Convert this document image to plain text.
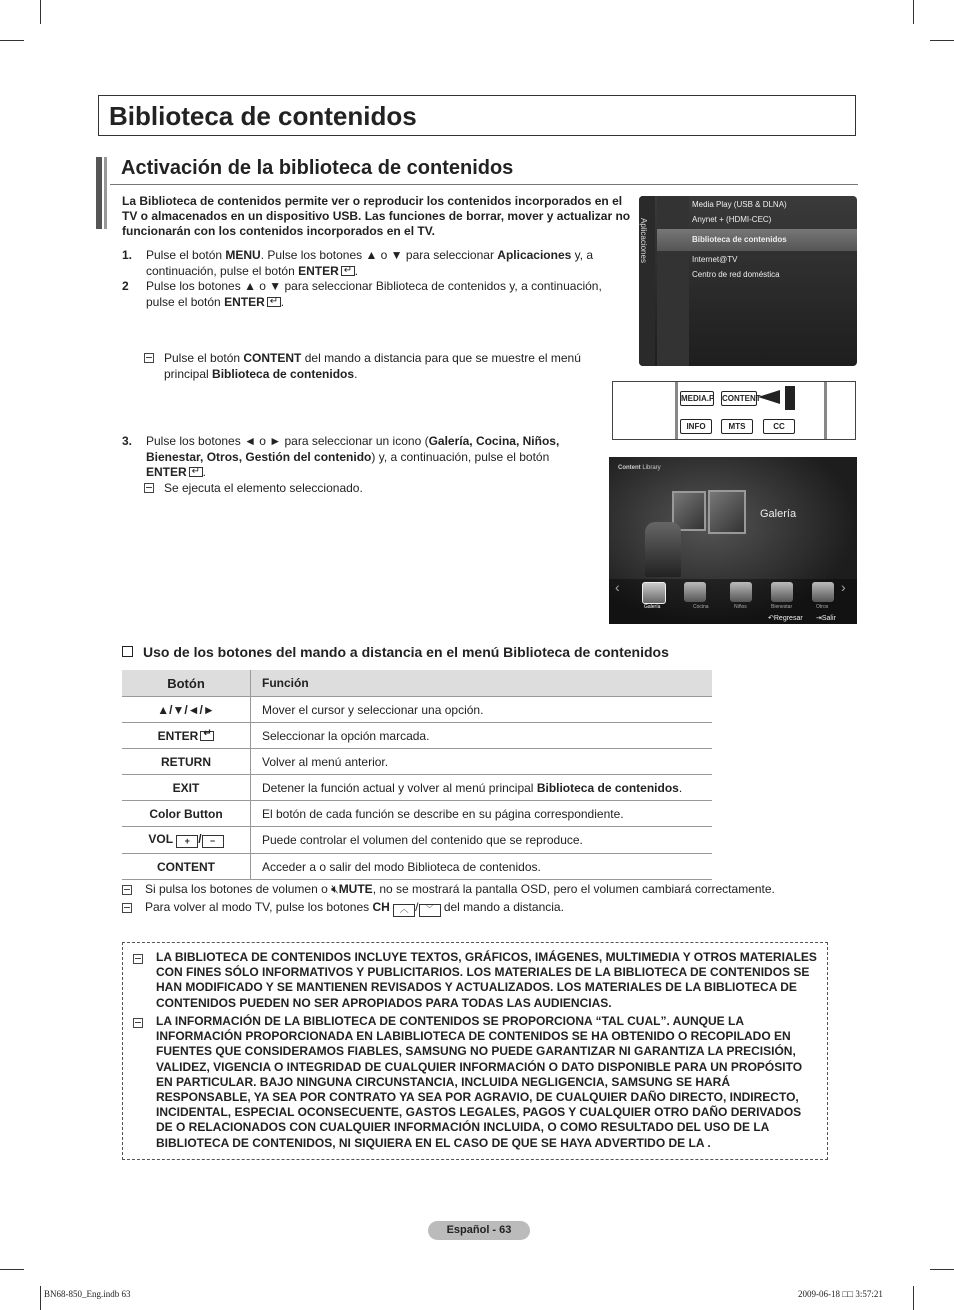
Biblioteca de contenidos
Activación de la biblioteca de contenidos
La Biblioteca de contenidos permite ver o reproducir los contenidos incorporados en el TV o almacenados en un dispositivo USB. Las funciones de borrar, mover y actualizar no funcionarán con los contenidos incorporados en el TV.
1. Pulse el botón MENU. Pulse los botones ▲ o ▼ para seleccionar Aplicaciones y, a
continuación, pulse el botón ENTER ↵ .
2 Pulse los botones ▲ o ▼ para seleccionar Biblioteca de contenidos y, a continuación,
pulse el botón ENTER ↵ .
Pulse el botón CONTENT del mando a distancia para que se muestre el menú
principal Biblioteca de contenidos.
3. Pulse los botones ◄ o ► para seleccionar un icono (Galería, Cocina, Niños,
Bienestar, Otros, Gestión del contenido) y, a continuación, pulse el botón
ENTER ↵ .
Se ejecuta el elemento seleccionado.
Aplicaciones
Media Play (USB & DLNA)
Anynet + (HDMI-CEC)
Biblioteca de contenidos
Internet@TV
Centro de red doméstica
MEDIA.P CONTENT
INFO	MTS	CC
Content Library
Galería
‹	›
Galería	Cocina	Niños	Bienestar	Otros
↶Regresar ⇥Salir
Uso de los botones del mando a distancia en el menú Biblioteca de contenidos
Botón	Función
▲/▼/◄/►	Mover el cursor y seleccionar una opción.
ENTER↵	Seleccionar la opción marcada.
RETURN	Volver al menú anterior.
EXIT	Detener la función actual y volver al menú principal Biblioteca de contenidos.
Color Button	El botón de cada función se describe en su página correspondiente.
VOL + / −	Puede controlar el volumen del contenido que se reproduce.
CONTENT	Acceder a o salir del modo Biblioteca de contenidos.
Si pulsa los botones de volumen o 🔇︎MUTE, no se mostrará la pantalla OSD, pero el volumen cambiará correctamente.
Para volver al modo TV, pulse los botones CH ︿ / ﹀ del mando a distancia.
LA BIBLIOTECA DE CONTENIDOS INCLUYE TEXTOS, GRÁFICOS, IMÁGENES, MULTIMEDIA Y OTROS MATERIALES CON FINES SÓLO INFORMATIVOS Y PUBLICITARIOS. LOS MATERIALES DE LA BIBLIOTECA DE CONTENIDOS SE HAN MODIFICADO Y SE MANTIENEN REVISADOS Y ACTUALIZADOS. LOS MATERIALES DE LA BIBLIOTECA DE CONTENIDOS PUEDEN NO SER APROPIADOS PARA TODAS LAS AUDIENCIAS.
LA INFORMACIÓN DE LA BIBLIOTECA DE CONTENIDOS SE PROPORCIONA “TAL CUAL”. AUNQUE LA INFORMACIÓN PROPORCIONADA EN LABIBLIOTECA DE CONTENIDOS SE HA OBTENIDO O RECOPILADO EN FUENTES QUE CONSIDERAMOS FIABLES, SAMSUNG NO PUEDE GARANTIZAR NI GARANTIZA LA PRECISIÓN, VALIDEZ, VIGENCIA O INTEGRIDAD DE CUALQUIER INFORMACIÓN O DATO DISPONIBLE PARA UN PROPÓSITO EN PARTICULAR. BAJO NINGUNA CIRCUNSTANCIA, INCLUIDA NEGLIGENCIA, SAMSUNG SE HARÁ RESPONSABLE, YA SEA POR CONTRATO YA SEA POR AGRAVIO, DE CUALQUIER DAÑO DIRECTO, INDIRECTO, INCIDENTAL, ESPECIAL OCONSECUENTE, GASTOS LEGALES, PAGOS Y CUALQUIER OTRO DAÑO DERIVADOS DE O RELACIONADOS CON CUALQUIER INFORMACIÓN INCLUIDA, O COMO RESULTADO DEL USO DE LA BIBLIOTECA DE CONTENIDOS, NI SIQUIERA EN EL CASO DE QUE SE HAYA ADVERTIDO DE LA .
Español - 63
BN68-850_Eng.indb 63	2009-06-18 □□ 3:57:21
